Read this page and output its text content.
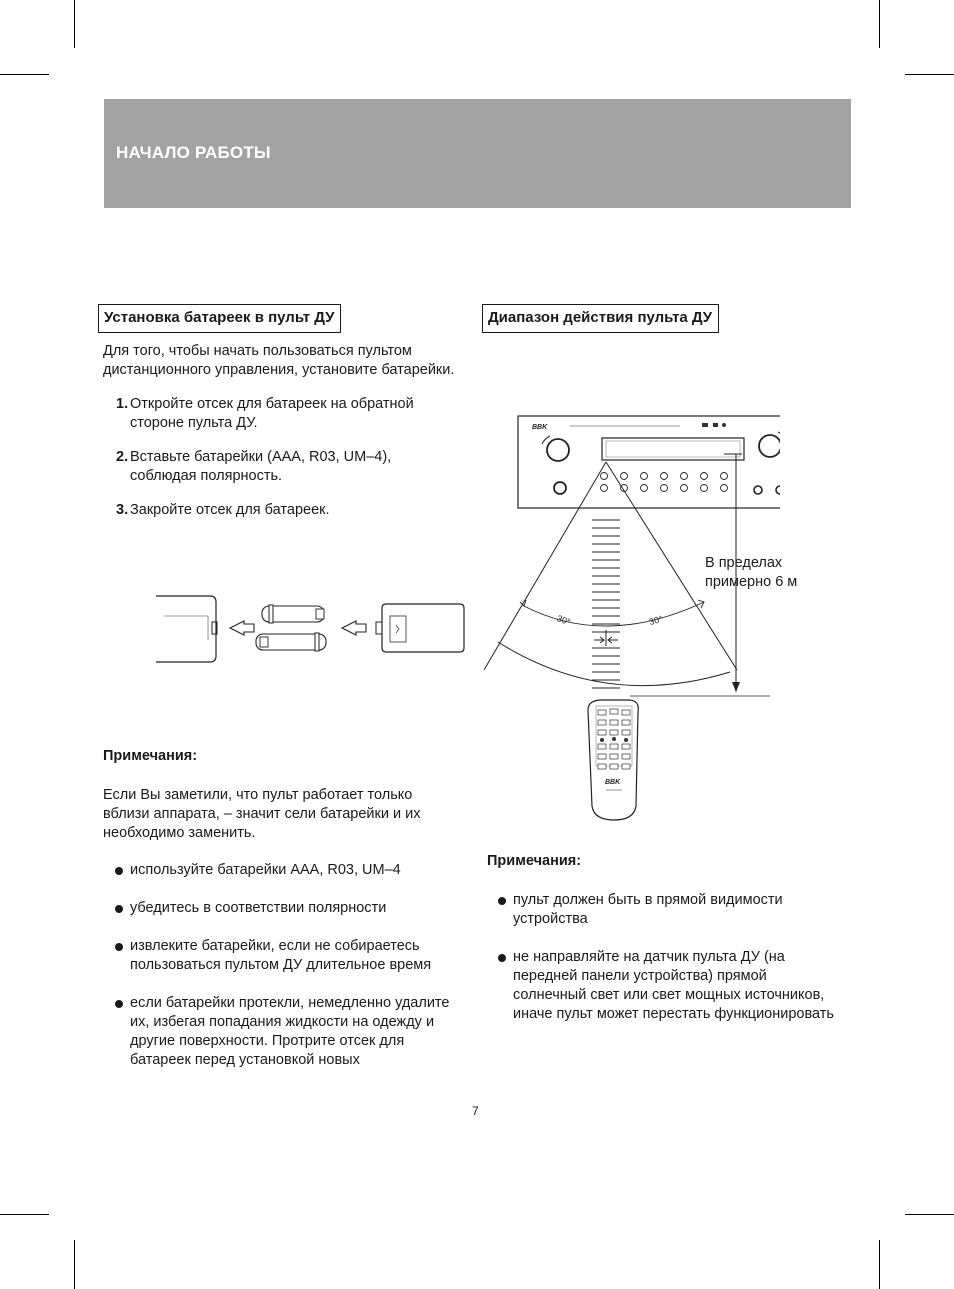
НАЧАЛО РАБОТЫ
Установка батареек в пульт ДУ
Для того, чтобы начать пользоваться пультом
дистанционного управления, установите батарейки.
1. Откройте отсек для батареек на обратной
стороне пульта ДУ.
2. Вставьте батарейки (AAA, R03, UM–4),
соблюдая полярность.
3. Закройте отсек для батареек.
Примечания:
Если Вы заметили, что пульт работает только
вблизи аппарата, – значит сели батарейки и их
необходимо заменить.
используйте батарейки AAA, R03, UM–4
убедитесь в соответствии полярности
извлеките батарейки, если не собираетесь
пользоваться пультом ДУ длительное время
если батарейки протекли, немедленно удалите
их, избегая попадания жидкости на одежду и
другие поверхности. Протрите отсек для
батареек перед установкой новых
Диапазон действия пульта ДУ
BBK
30°	30°
BBK
В пределах
примерно 6 м
Примечания:
пульт должен быть в прямой видимости
устройства
не направляйте на датчик пульта ДУ (на
передней панели устройства) прямой
солнечный свет или свет мощных источников,
иначе пульт может перестать функционировать
7
